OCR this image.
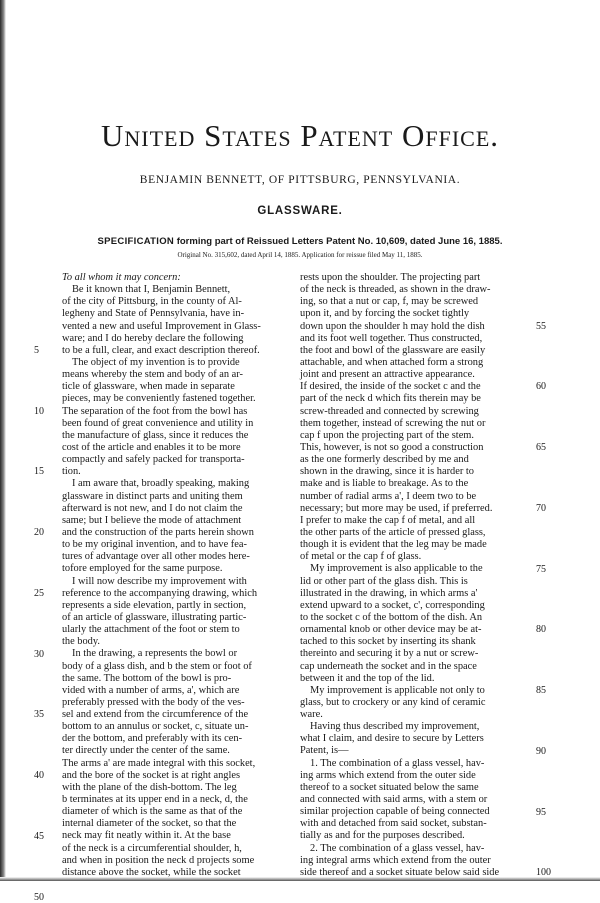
United States Patent Office.
BENJAMIN BENNETT, OF PITTSBURG, PENNSYLVANIA.
GLASSWARE.
SPECIFICATION forming part of Reissued Letters Patent No. 10,609, dated June 16, 1885.
Original No. 315,602, dated April 14, 1885. Application for reissue filed May 11, 1885.
To all whom it may concern:
Be it known that I, Benjamin Bennett,
of the city of Pittsburg, in the county of Al-
legheny and State of Pennsylvania, have in-
vented a new and useful Improvement in Glass-
ware; and I do hereby declare the following
to be a full, clear, and exact description thereof.
The object of my invention is to provide
means whereby the stem and body of an ar-
ticle of glassware, when made in separate
pieces, may be conveniently fastened together.
The separation of the foot from the bowl has
been found of great convenience and utility in
the manufacture of glass, since it reduces the
cost of the article and enables it to be more
compactly and safely packed for transporta-
tion.
I am aware that, broadly speaking, making
glassware in distinct parts and uniting them
afterward is not new, and I do not claim the
same; but I believe the mode of attachment
and the construction of the parts herein shown
to be my original invention, and to have fea-
tures of advantage over all other modes here-
tofore employed for the same purpose.
I will now describe my improvement with
reference to the accompanying drawing, which
represents a side elevation, partly in section,
of an article of glassware, illustrating partic-
ularly the attachment of the foot or stem to
the body.
In the drawing, a represents the bowl or
body of a glass dish, and b the stem or foot of
the same. The bottom of the bowl is pro-
vided with a number of arms, a', which are
preferably pressed with the body of the ves-
sel and extend from the circumference of the
bottom to an annulus or socket, c, situate un-
der the bottom, and preferably with its cen-
ter directly under the center of the same.
The arms a' are made integral with this socket,
and the bore of the socket is at right angles
with the plane of the dish-bottom. The leg
b terminates at its upper end in a neck, d, the
diameter of which is the same as that of the
internal diameter of the socket, so that the
neck may fit neatly within it. At the base
of the neck is a circumferential shoulder, h,
and when in position the neck d projects some
distance above the socket, while the socket
rests upon the shoulder. The projecting part
of the neck is threaded, as shown in the draw-
ing, so that a nut or cap, f, may be screwed
upon it, and by forcing the socket tightly
down upon the shoulder h may hold the dish
and its foot well together. Thus constructed,
the foot and bowl of the glassware are easily
attachable, and when attached form a strong
joint and present an attractive appearance.
If desired, the inside of the socket c and the
part of the neck d which fits therein may be
screw-threaded and connected by screwing
them together, instead of screwing the nut or
cap f upon the projecting part of the stem.
This, however, is not so good a construction
as the one formerly described by me and
shown in the drawing, since it is harder to
make and is liable to breakage. As to the
number of radial arms a', I deem two to be
necessary; but more may be used, if preferred.
I prefer to make the cap f of metal, and all
the other parts of the article of pressed glass,
though it is evident that the leg may be made
of metal or the cap f of glass.
My improvement is also applicable to the
lid or other part of the glass dish. This is
illustrated in the drawing, in which arms a'
extend upward to a socket, c', corresponding
to the socket c of the bottom of the dish. An
ornamental knob or other device may be at-
tached to this socket by inserting its shank
thereinto and securing it by a nut or screw-
cap underneath the socket and in the space
between it and the top of the lid.
My improvement is applicable not only to
glass, but to crockery or any kind of ceramic
ware.
Having thus described my improvement,
what I claim, and desire to secure by Letters
Patent, is—
1. The combination of a glass vessel, hav-
ing arms which extend from the outer side
thereof to a socket situated below the same
and connected with said arms, with a stem or
similar projection capable of being connected
with and detached from said socket, substan-
tially as and for the purposes described.
2. The combination of a glass vessel, hav-
ing integral arms which extend from the outer
side thereof and a socket situate below said side
5
10
15
20
25
30
35
40
45
50
55
60
65
70
75
80
85
90
95
100
